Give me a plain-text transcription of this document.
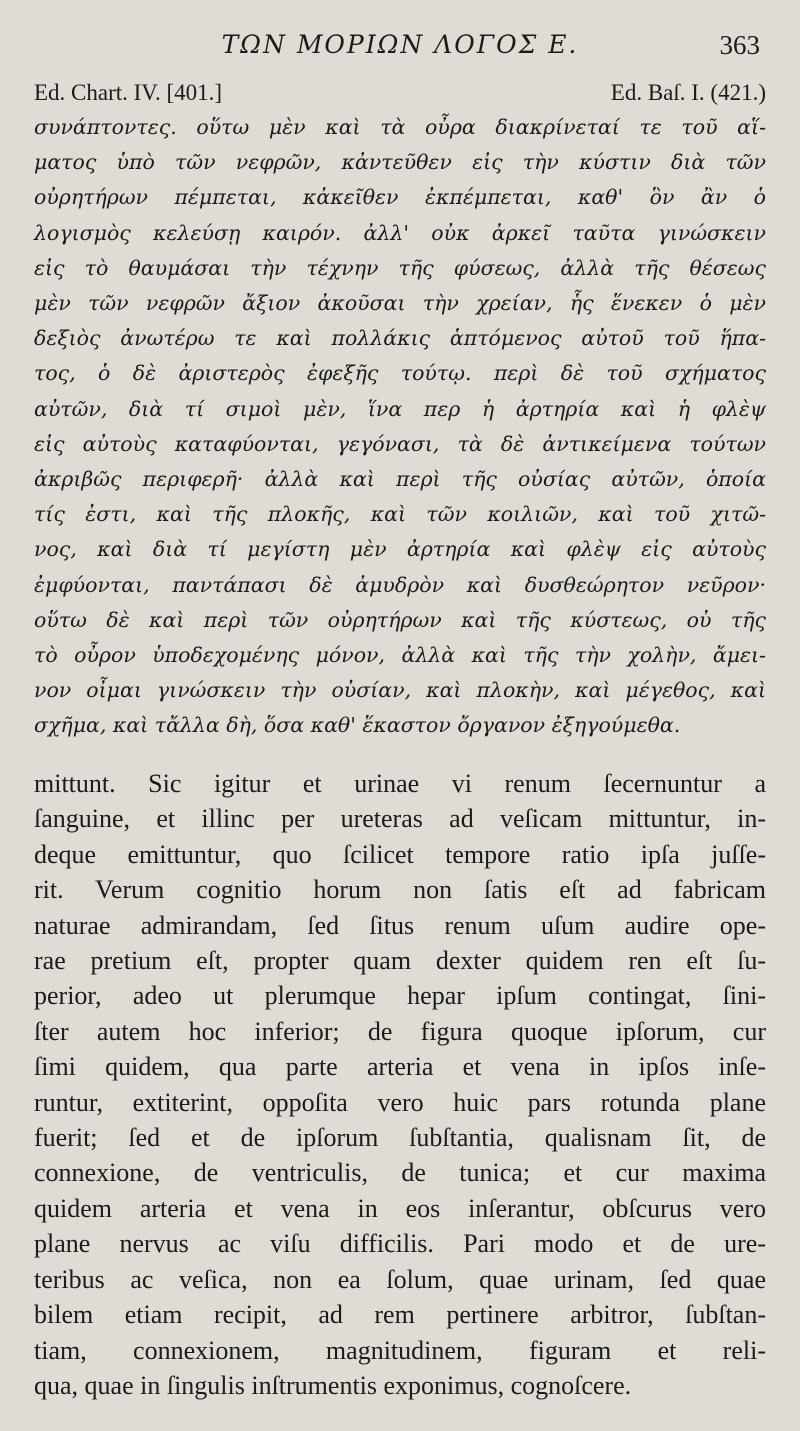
ΤΩΝ ΜΟΡΙΩΝ ΛΟΓΟΣ Ε.	363
Ed. Chart. IV. [401.]	Ed. Baſ. I. (421.)
συνάπτοντες. οὕτω μὲν καὶ τὰ οὖρα διακρίνεταί τε τοῦ αἵ-
ματος ὑπὸ τῶν νεφρῶν, κἀντεῦθεν εἰς τὴν κύστιν διὰ τῶν
οὐρητήρων πέμπεται, κἀκεῖθεν ἐκπέμπεται, καθ' ὃν ἂν ὁ
λογισμὸς κελεύσῃ καιρόν. ἀλλ' οὐκ ἀρκεῖ ταῦτα γινώσκειν
εἰς τὸ θαυμάσαι τὴν τέχνην τῆς φύσεως, ἀλλὰ τῆς θέσεως
μὲν τῶν νεφρῶν ἄξιον ἀκοῦσαι τὴν χρείαν, ἧς ἕνεκεν ὁ μὲν
δεξιὸς ἀνωτέρω τε καὶ πολλάκις ἁπτόμενος αὐτοῦ τοῦ ἥπα-
τος, ὁ δὲ ἀριστερὸς ἐφεξῆς τούτῳ. περὶ δὲ τοῦ σχήματος
αὐτῶν, διὰ τί σιμοὶ μὲν, ἵνα περ ἡ ἀρτηρία καὶ ἡ φλὲψ
εἰς αὐτοὺς καταφύονται, γεγόνασι, τὰ δὲ ἀντικείμενα τούτων
ἀκριβῶς περιφερῆ· ἀλλὰ καὶ περὶ τῆς οὐσίας αὐτῶν, ὁποία
τίς ἐστι, καὶ τῆς πλοκῆς, καὶ τῶν κοιλιῶν, καὶ τοῦ χιτῶ-
νος, καὶ διὰ τί μεγίστη μὲν ἀρτηρία καὶ φλὲψ εἰς αὐτοὺς
ἐμφύονται, παντάπασι δὲ ἀμυδρὸν καὶ δυσθεώρητον νεῦρον·
οὕτω δὲ καὶ περὶ τῶν οὐρητήρων καὶ τῆς κύστεως, οὐ τῆς
τὸ οὖρον ὑποδεχομένης μόνον, ἀλλὰ καὶ τῆς τὴν χολὴν, ἄμει-
νον οἶμαι γινώσκειν τὴν οὐσίαν, καὶ πλοκὴν, καὶ μέγεθος, καὶ
σχῆμα, καὶ τἄλλα δὴ, ὅσα καθ' ἕκαστον ὄργανον ἐξηγούμεθα.
mittunt. Sic igitur et urinae vi renum ſecernuntur a
ſanguine, et illinc per ureteras ad veſicam mittuntur, in-
deque emittuntur, quo ſcilicet tempore ratio ipſa juſſe-
rit. Verum cognitio horum non ſatis eſt ad fabricam
naturae admirandam, ſed ſitus renum uſum audire ope-
rae pretium eſt, propter quam dexter quidem ren eſt ſu-
perior, adeo ut plerumque hepar ipſum contingat, ſini-
ſter autem hoc inferior; de figura quoque ipſorum, cur
ſimi quidem, qua parte arteria et vena in ipſos inſe-
runtur, extiterint, oppoſita vero huic pars rotunda plane
fuerit; ſed et de ipſorum ſubſtantia, qualisnam ſit, de
connexione, de ventriculis, de tunica; et cur maxima
quidem arteria et vena in eos inſerantur, obſcurus vero
plane nervus ac viſu difficilis. Pari modo et de ure-
teribus ac veſica, non ea ſolum, quae urinam, ſed quae
bilem etiam recipit, ad rem pertinere arbitror, ſubſtan-
tiam, connexionem, magnitudinem, figuram et reli-
qua, quae in ſingulis inſtrumentis exponimus, cognoſcere.
